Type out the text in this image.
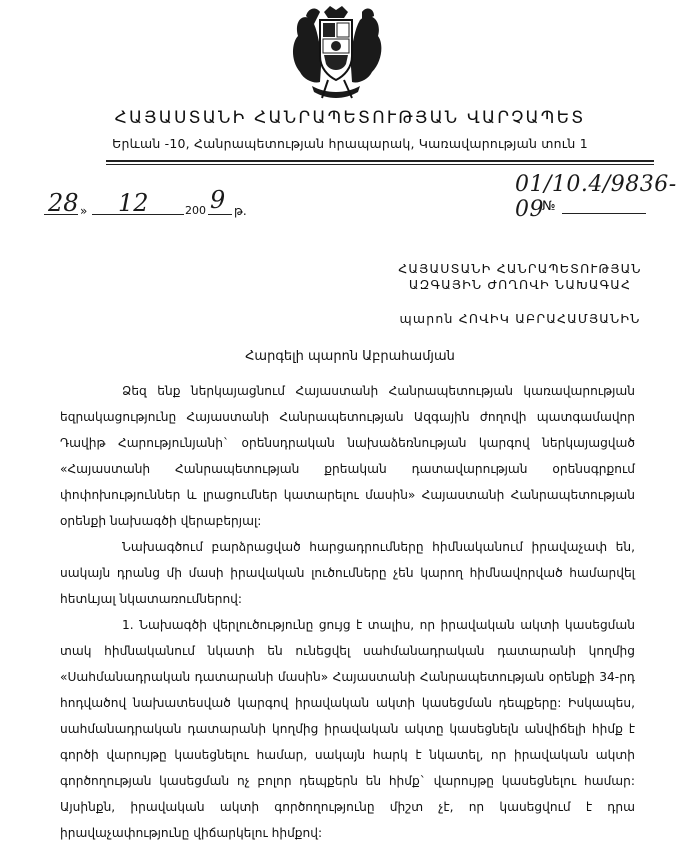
ՀԱՅԱՍՏԱՆԻ ՀԱՆՐԱՊԵՏՈՒԹՅԱՆ ՎԱՐՉԱՊԵՏ
Երևան -10, Հանրապետության հրապարակ, Կառավարության տուն 1
28 » 12	200 9 թ.
01/10.4/9836-09
№
ՀԱՅԱՍՏԱՆԻ ՀԱՆՐԱՊԵՏՈՒԹՅԱՆ
ԱԶԳԱՅԻՆ ԺՈՂՈՎԻ ՆԱԽԱԳԱՀ
պարոն ՀՈՎԻԿ ԱԲՐԱՀԱՄՅԱՆԻՆ
Հարգելի պարոն Աբրահամյան

Ձեզ ենք ներկայացնում Հայաստանի Հանրապետության կառավարության եզրակացությունը Հայաստանի Հանրապետության Ազգային ժողովի պատգամավոր Դավիթ Հարությունյանի` օրենսդրական նախաձեռնության կարգով ներկայացված «Հայաստանի Հանրապետության քրեական դատավարության օրենսգրքում փոփոխություններ և լրացումներ կատարելու մասին» Հայաստանի Հանրապետության օրենքի նախագծի վերաբերյալ:

Նախագծում բարձրացված հարցադրումները հիմնականում իրավաչափ են, սակայն դրանց մի մասի իրավական լուծումները չեն կարող հիմնավորված համարվել հետևյալ նկատառումներով:

1. Նախագծի վերլուծությունը ցույց է տալիս, որ իրավական ակտի կասեցման տակ հիմնականում նկատի են ունեցվել սահմանադրական դատարանի կողմից «Սահմանադրական դատարանի մասին» Հայաստանի Հանրապետության օրենքի 34-րդ հոդվածով նախատեսված կարգով իրավական ակտի կասեցման դեպքերը: Իսկապես, սահմանադրական դատարանի կողմից իրավական ակտը կասեցնելն անվիճելի հիմք է գործի վարույթը կասեցնելու համար, սակայն հարկ է նկատել, որ իրավական ակտի գործողության կասեցման ոչ բոլոր դեպքերն են հիմք` վարույթը կասեցնելու համար: Այսինքն, իրավական ակտի գործողությունը միշտ չէ, որ կասեցվում է դրա իրավաչափությունը վիճարկելու հիմքով:
